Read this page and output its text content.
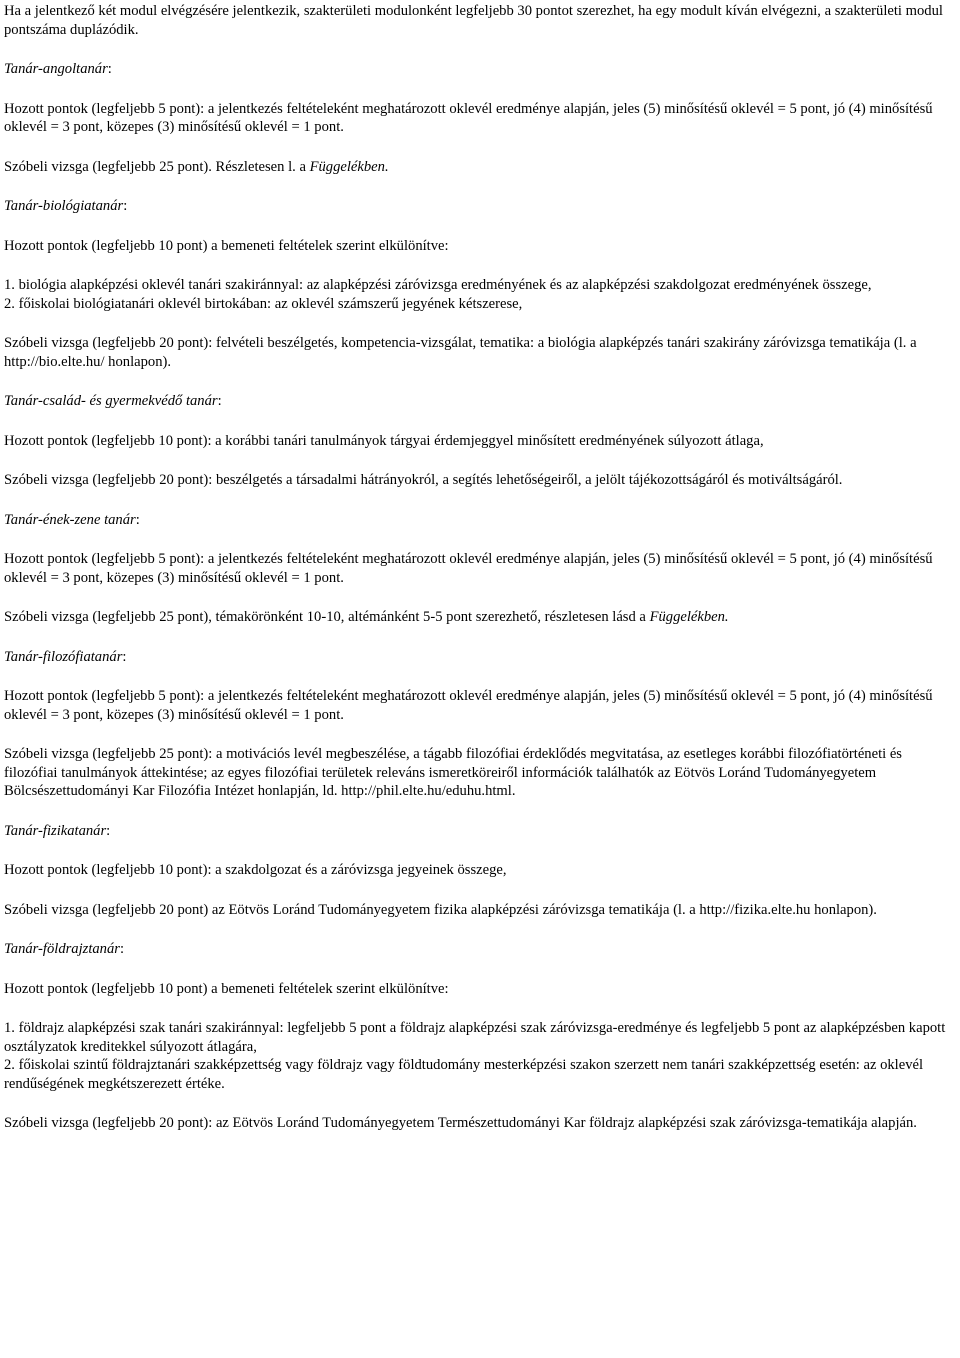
Ha a jelentkező két modul elvégzésére jelentkezik, szakterületi modulonként legfeljebb 30 pontot szerezhet, ha egy modult kíván elvégezni, a szakterületi modul pontszáma duplázódik.

Tanár-angoltanár:

Hozott pontok (legfeljebb 5 pont): a jelentkezés feltételeként meghatározott oklevél eredménye alapján, jeles (5) minősítésű oklevél = 5 pont, jó (4) minősítésű oklevél = 3 pont, közepes (3) minősítésű oklevél = 1 pont.

Szóbeli vizsga (legfeljebb 25 pont). Részletesen l. a Függelékben.

Tanár-biológiatanár:

Hozott pontok (legfeljebb 10 pont) a bemeneti feltételek szerint elkülönítve:

1. biológia alapképzési oklevél tanári szakiránnyal: az alapképzési záróvizsga eredményének és az alapképzési szakdolgozat eredményének összege,

2. főiskolai biológiatanári oklevél birtokában: az oklevél számszerű jegyének kétszerese,

Szóbeli vizsga (legfeljebb 20 pont): felvételi beszélgetés, kompetencia-vizsgálat, tematika: a biológia alapképzés tanári szakirány záróvizsga tematikája (l. a http://bio.elte.hu/ honlapon).

Tanár-család- és gyermekvédő tanár:

Hozott pontok (legfeljebb 10 pont): a korábbi tanári tanulmányok tárgyai érdemjeggyel minősített eredményének súlyozott átlaga,

Szóbeli vizsga (legfeljebb 20 pont): beszélgetés a társadalmi hátrányokról, a segítés lehetőségeiről, a jelölt tájékozottságáról és motiváltságáról.

Tanár-ének-zene tanár:

Hozott pontok (legfeljebb 5 pont): a jelentkezés feltételeként meghatározott oklevél eredménye alapján, jeles (5) minősítésű oklevél = 5 pont, jó (4) minősítésű oklevél = 3 pont, közepes (3) minősítésű oklevél = 1 pont.

Szóbeli vizsga (legfeljebb 25 pont), témakörönként 10-10, altémánként 5-5 pont szerezhető, részletesen lásd a Függelékben.

Tanár-filozófiatanár:

Hozott pontok (legfeljebb 5 pont): a jelentkezés feltételeként meghatározott oklevél eredménye alapján, jeles (5) minősítésű oklevél = 5 pont, jó (4) minősítésű oklevél = 3 pont, közepes (3) minősítésű oklevél = 1 pont.

Szóbeli vizsga (legfeljebb 25 pont): a motivációs levél megbeszélése, a tágabb filozófiai érdeklődés megvitatása, az esetleges korábbi filozófiatörténeti és filozófiai tanulmányok áttekintése; az egyes filozófiai területek releváns ismeretköreiről információk találhatók az Eötvös Loránd Tudományegyetem Bölcsészettudományi Kar Filozófia Intézet honlapján, ld. http://phil.elte.hu/eduhu.html.

Tanár-fizikatanár:

Hozott pontok (legfeljebb 10 pont): a szakdolgozat és a záróvizsga jegyeinek összege,

Szóbeli vizsga (legfeljebb 20 pont) az Eötvös Loránd Tudományegyetem fizika alapképzési záróvizsga tematikája (l. a http://fizika.elte.hu honlapon).

Tanár-földrajztanár:

Hozott pontok (legfeljebb 10 pont) a bemeneti feltételek szerint elkülönítve:

1. földrajz alapképzési szak tanári szakiránnyal: legfeljebb 5 pont a földrajz alapképzési szak záróvizsga-eredménye és legfeljebb 5 pont az alapképzésben kapott osztályzatok kreditekkel súlyozott átlagára,

2. főiskolai szintű földrajztanári szakképzettség vagy földrajz vagy földtudomány mesterképzési szakon szerzett nem tanári szakképzettség esetén: az oklevél rendűségének megkétszerezett értéke.

Szóbeli vizsga (legfeljebb 20 pont): az Eötvös Loránd Tudományegyetem Természettudományi Kar földrajz alapképzési szak záróvizsga-tematikája alapján.
